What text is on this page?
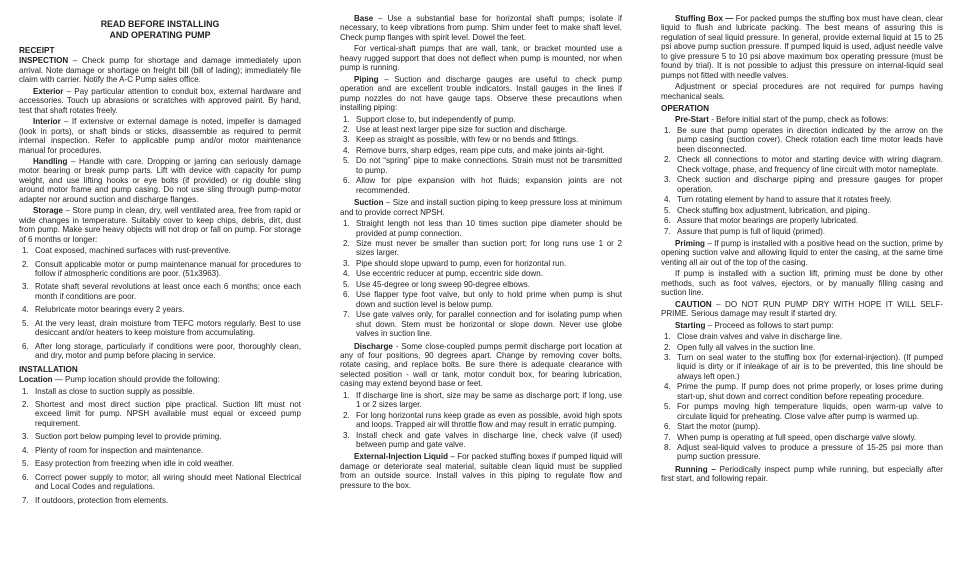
READ BEFORE INSTALLING
AND OPERATING PUMP
RECEIPT

INSPECTION – Check pump for shortage and damage immediately upon arrival. Note damage or shortage on freight bill (bill of lading); immediately file claim with carrier. Notify the A-C Pump sales office.

Exterior – Pay particular attention to conduit box, external hardware and accessories. Touch up abrasions or scratches with approved paint. By hand, test that shaft rotates freely.

Interior – If extensive or external damage is noted, impeller is damaged (look in ports), or shaft binds or sticks, disassemble as required to permit internal inspection. Refer to applicable pump and/or motor maintenance manual for procedures.

Handling – Handle with care. Dropping or jarring can seriously damage motor bearing or break pump parts. Lift with device with capacity for pump weight, and use lifting hooks or eye bolts (if provided) or rig double sling around motor frame and pump casing. Do not use sling through pump-motor adapter nor around suction and discharge flanges.

Storage – Store pump in clean, dry, well ventilated area, free from rapid or wide changes in temperature. Suitably cover to keep chips, debris, dirt, dust from pump. Make sure heavy objects will not drop or fall on pump. For storage of 6 months or longer:

1. Coat exposed, machined surfaces with rust-preventive.
2. Consult applicable motor or pump maintenance manual for procedures to follow if atmospheric conditions are poor. (51x3963).
3. Rotate shaft several revolutions at least once each 6 months; once each month if conditions are poor.
4. Relubricate motor bearings every 2 years.
5. At the very least, drain moisture from TEFC motors regularly. Best to use desiccant and/or heaters to keep moisture from accumulating.
6. After long storage, particularly if conditions were poor, thoroughly clean, and dry, motor and pump before placing in service.
INSTALLATION

Location — Pump location should provide the following:

1. Install as close to suction supply as possible.
2. Shortest and most direct suction pipe practical. Suction lift must not exceed limit for pump. NPSH available must equal or exceed pump requirement.
3. Suction port below pumping level to provide priming.
4. Plenty of room for inspection and maintenance.
5. Easy protection from freezing when idle in cold weather.
6. Correct power supply to motor; all wiring should meet National Electrical and Local Codes and regulations.
7. If outdoors, protection from elements.

Base – Use a substantial base for horizontal shaft pumps; isolate if necessary, to keep vibrations from pump. Shim under feet to make shaft level. Check pump flanges with spirit level. Dowel the feet.

For vertical-shaft pumps that are wall, tank, or bracket mounted use a heavy rugged support that does not deflect when pump is mounted, nor when pump is running.

Piping – Suction and discharge gauges are useful to check pump operation and are excellent trouble indicators. Install gauges in the lines if pump nozzles do not have gauge taps. Observe these precautions when installing piping:

1. Support close to, but independently of pump.
2. Use at least next larger pipe size for suction and discharge.
3. Keep as straight as possible, with few or no bends and fittings.
4. Remove burrs, sharp edges, ream pipe cuts, and make joints air-tight.
5. Do not “spring” pipe to make connections. Strain must not be transmitted to pump.
6. Allow for pipe expansion with hot fluids; expansion joints are not recommended.

Suction – Size and install suction piping to keep pressure loss at minimum and to provide correct NPSH.

1. Straight length not less than 10 times suction pipe diameter should be provided at pump connection.
2. Size must never be smaller than suction port; for long runs use 1 or 2 sizes larger.
3. Pipe should slope upward to pump, even for horizontal run.
4. Use eccentric reducer at pump, eccentric side down.
5. Use 45-degree or long sweep 90-degree elbows.
6. Use flapper type foot valve, but only to hold prime when pump is shut down and suction level is below pump.
7. Use gate valves only, for parallel connection and for isolating pump when shut down. Stem must be horizontal or slope down. Never use globe valves in suction line.

Discharge - Some close-coupled pumps permit discharge port location at any of four positions, 90 degrees apart. Change by removing cover bolts, rotate casing, and replace bolts. Be sure there is adequate clearance with selected position - wall or tank, motor conduit box, for bearing lubrication, casing may extend beyond base or feet.

1. If discharge line is short, size may be same as discharge port; if long, use 1 or 2 sizes larger.
2. For long horizontal runs keep grade as even as possible, avoid high spots and loops. Trapped air will throttle flow and may result in erratic pumping.
3. Install check and gate valves in discharge line, check valve (if used) between pump and gate valve.

External-Injection Liquid – For packed stuffing boxes if pumped liquid will damage or deteriorate seal material, suitable clean liquid must be supplied from an outside source. Install valves in this piping to regulate flow and pressure to the box.

Stuffing Box — For packed pumps the stuffing box must have clean, clear liquid to flush and lubricate packing. The best means of assuring this is regulation of seal liquid pressure. In general, provide external liquid at 15 to 25 psi above pump suction pressure. If pumped liquid is used, adjust needle valve to give pressure 5 to 10 psi above maximum box operating pressure (must be found by trial). It is not possible to adjust this pressure on internal-liquid seal pumps not fitted with needle valves.

Adjustment or special procedures are not required for pumps having mechanical seals.

OPERATION

Pre-Start - Before initial start of the pump, check as follows:

1. Be sure that pump operates in direction indicated by the arrow on the pump casing (suction cover). Check rotation each time motor leads have been disconnected.
2. Check all connections to motor and starting device with wiring diagram. Check voltage, phase, and frequency of line circuit with motor nameplate.
3. Check suction and discharge piping and pressure gauges for proper operation.
4. Turn rotating element by hand to assure that it rotates freely.
5. Check stuffing box adjustment, lubrication, and piping.
6. Assure that motor bearings are properly lubricated.
7. Assure that pump is full of liquid (primed).

Priming – If pump is installed with a positive head on the suction, prime by opening suction valve and allowing liquid to enter the casing, at the same time venting all air out of the top of the casing.

If pump is installed with a suction lift, priming must be done by other methods, such as foot valves, ejectors, or by manually filling casing and suction line.

CAUTION – DO NOT RUN PUMP DRY WITH HOPE IT WILL SELF-PRIME. Serious damage may result if started dry.

Starting – Proceed as follows to start pump:

1. Close drain valves and valve in discharge line.
2. Open fully all valves in the suction line.
3. Turn on seal water to the stuffing box (for external-injection). (If pumped liquid is dirty or if inleakage of air is to be prevented, this line should be always left open.)
4. Prime the pump. If pump does not prime properly, or loses prime during start-up, shut down and correct condition before repeating procedure.
5. For pumps moving high temperature liquids, open warm-up valve to circulate liquid for preheating. Close valve after pump is warmed up.
6. Start the motor (pump).
7. When pump is operating at full speed, open discharge valve slowly.
8. Adjust seal-liquid valves to produce a pressure of 15-25 psi more than pump suction pressure.

Running – Periodically inspect pump while running, but especially after first start, and following repair.
